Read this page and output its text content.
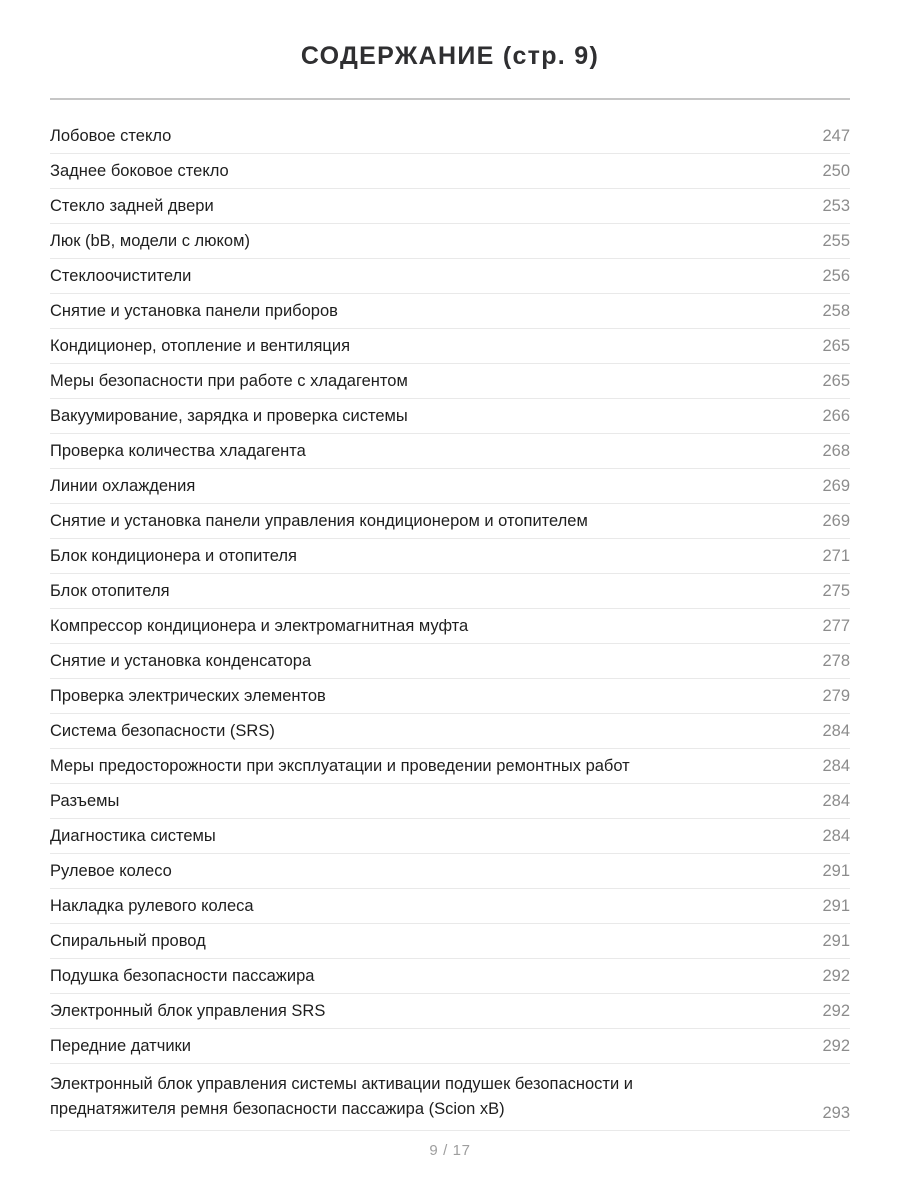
СОДЕРЖАНИЕ (стр. 9)
Лобовое стекло	247
Заднее боковое стекло	250
Стекло задней двери	253
Люк (bB, модели с люком)	255
Стеклоочистители	256
Снятие и установка панели приборов	258
Кондиционер, отопление и вентиляция	265
Меры безопасности при работе с хладагентом	265
Вакуумирование, зарядка и проверка системы	266
Проверка количества хладагента	268
Линии охлаждения	269
Снятие и установка панели управления кондиционером и отопителем	269
Блок кондиционера и отопителя	271
Блок отопителя	275
Компрессор кондиционера и электромагнитная муфта	277
Снятие и установка конденсатора	278
Проверка электрических элементов	279
Система безопасности (SRS)	284
Меры предосторожности при эксплуатации и проведении ремонтных работ	284
Разъемы	284
Диагностика системы	284
Рулевое колесо	291
Накладка рулевого колеса	291
Спиральный провод	291
Подушка безопасности пассажира	292
Электронный блок управления SRS	292
Передние датчики	292
Электронный блок управления системы активации подушек безопасности и преднатяжителя ремня безопасности пассажира (Scion xB)	293
9 / 17
